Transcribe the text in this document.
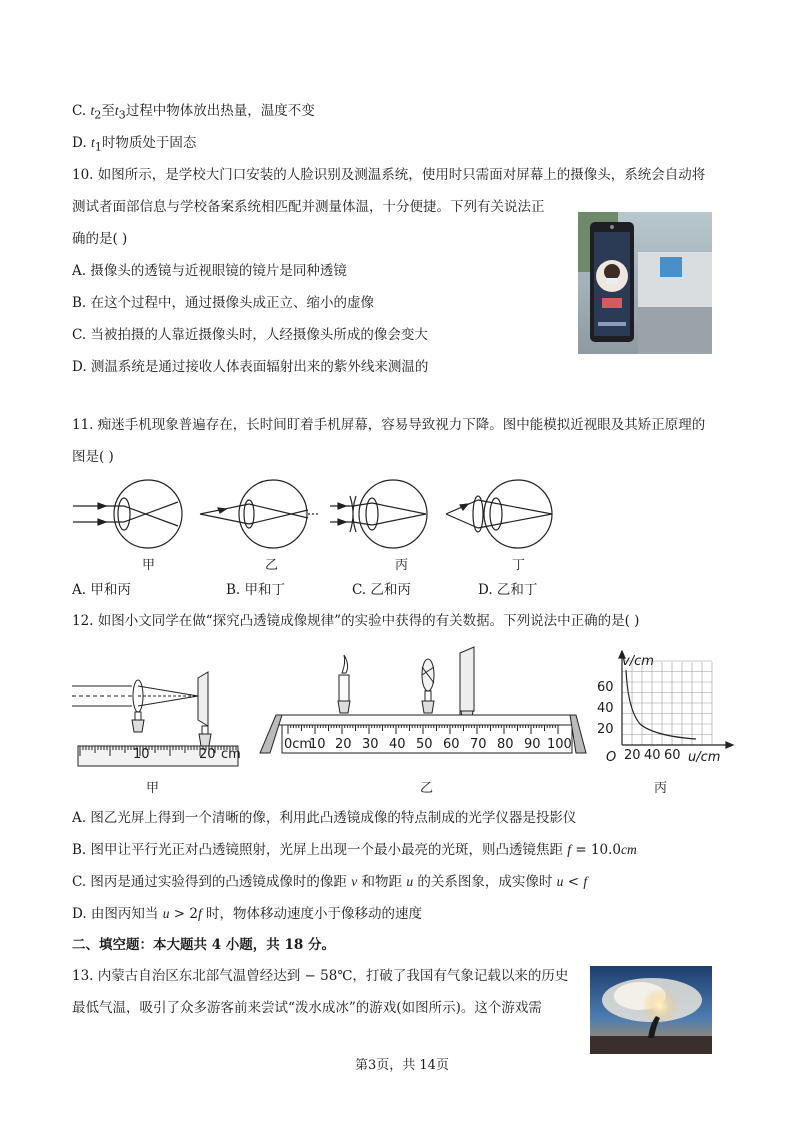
C. $t_2$至$t_3$过程中物体放出热量，温度不变
D. $t_1$时物质处于固态
10. 如图所示，是学校大门口安装的人脸识别及测温系统，使用时只需面对屏幕上的摄像头，系统会自动将
测试者面部信息与学校备案系统相匹配并测量体温，十分便捷。下列有关说法正
确的是( )
A. 摄像头的透镜与近视眼镜的镜片是同种透镜
B. 在这个过程中，通过摄像头成正立、缩小的虚像
C. 当被拍摄的人靠近摄像头时，人经摄像头所成的像会变大
D. 测温系统是通过接收人体表面辐射出来的紫外线来测温的
11. 痴迷手机现象普遍存在，长时间盯着手机屏幕，容易导致视力下降。图中能模拟近视眼及其矫正原理的
图是( )
甲	乙	丙	丁
A. 甲和丙	B. 甲和丁	C. 乙和丙	D. 乙和丁
12. 如图小文同学在做“探究凸透镜成像规律”的实验中获得的有关数据。下列说法中正确的是( )
10	20 cm
甲
0cm
10 20 30 40 50 60 70 80 90 100
乙
v/cm
60
40
20
O 20 40 60 u/cm
丙
A. 图乙光屏上得到一个清晰的像，利用此凸透镜成像的特点制成的光学仪器是投影仪
B. 图甲让平行光正对凸透镜照射，光屏上出现一个最小最亮的光斑，则凸透镜焦距 f = 10.0cm
C. 图丙是通过实验得到的凸透镜成像时的像距 v 和物距 u 的关系图象，成实像时 u < f
D. 由图丙知当 u > 2f 时，物体移动速度小于像移动的速度
二、填空题：本大题共 4 小题，共 18 分。
13. 内蒙古自治区东北部气温曾经达到 − 58℃，打破了我国有气象记载以来的历史
最低气温，吸引了众多游客前来尝试“泼水成冰”的游戏(如图所示)。这个游戏需
第3页，共 14页
